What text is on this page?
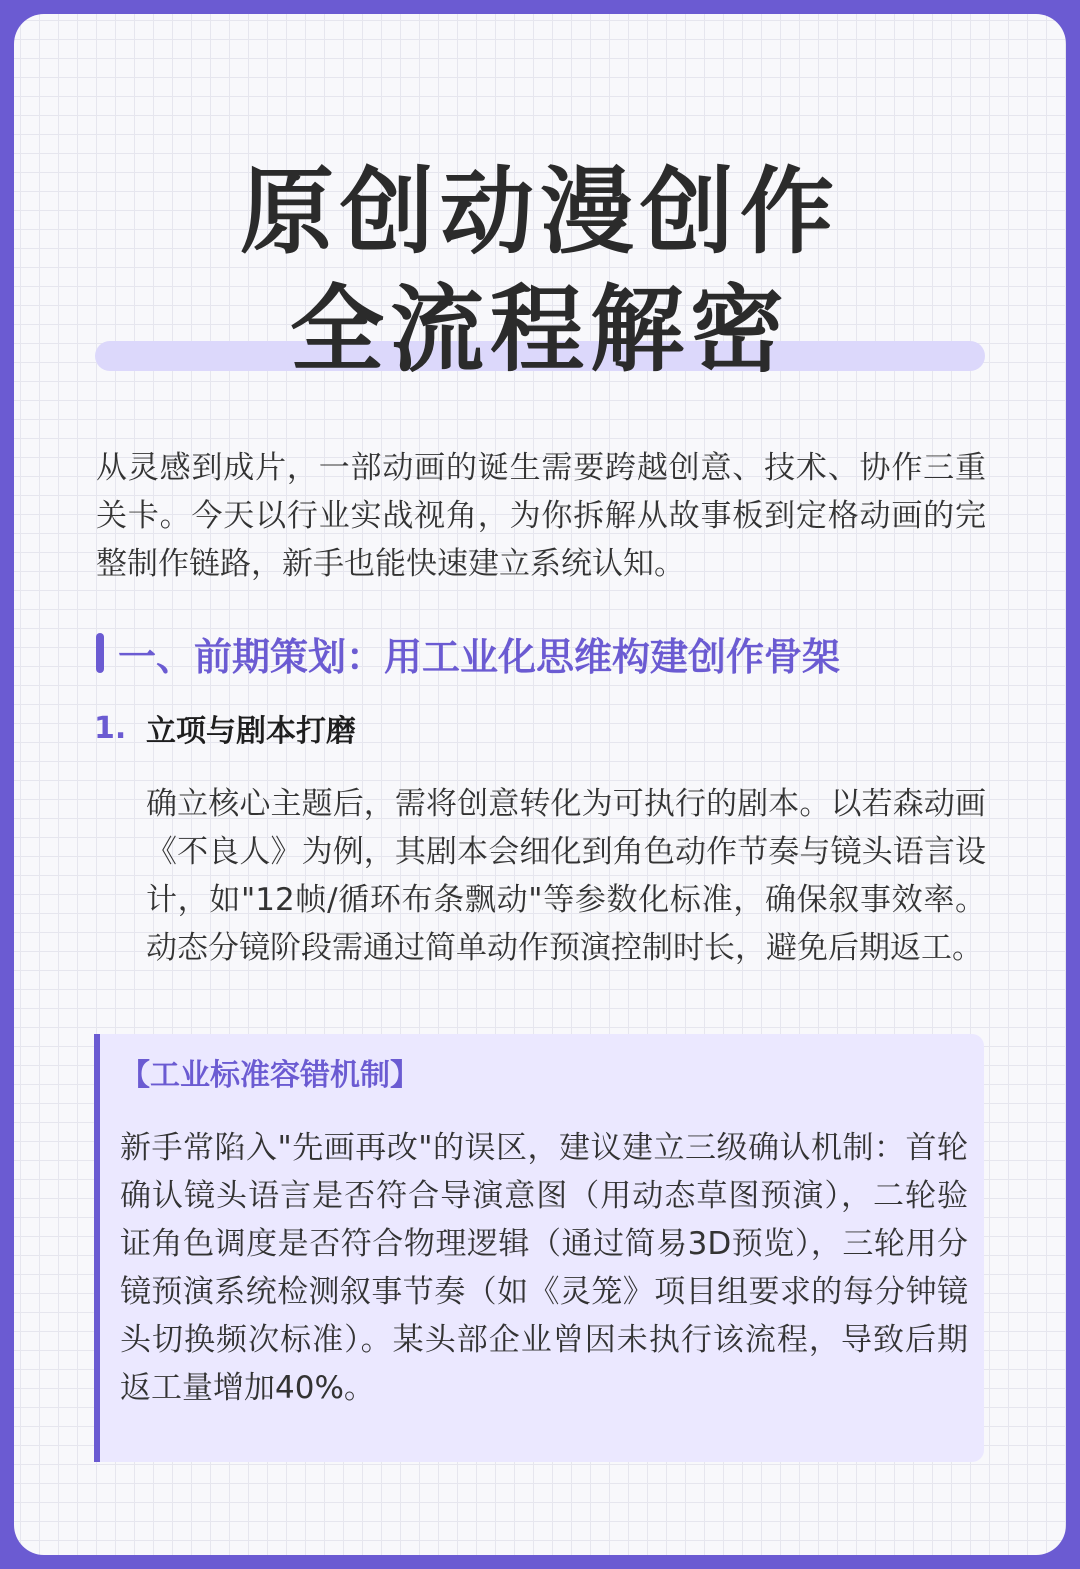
原创动漫创作
全流程解密
从灵感到成片，一部动画的诞生需要跨越创意、技术、协作三重关卡。今天以行业实战视角，为你拆解从故事板到定格动画的完整制作链路，新手也能快速建立系统认知。
一、前期策划：用工业化思维构建创作骨架
1. 立项与剧本打磨
确立核心主题后，需将创意转化为可执行的剧本。以若森动画《不良人》为例，其剧本会细化到角色动作节奏与镜头语言设计，如"12帧/循环布条飘动"等参数化标准，确保叙事效率。动态分镜阶段需通过简单动作预演控制时长，避免后期返工。
【工业标准容错机制】
新手常陷入"先画再改"的误区，建议建立三级确认机制：首轮确认镜头语言是否符合导演意图（用动态草图预演），二轮验证角色调度是否符合物理逻辑（通过简易3D预览），三轮用分镜预演系统检测叙事节奏（如《灵笼》项目组要求的每分钟镜头切换频次标准）。某头部企业曾因未执行该流程，导致后期返工量增加40%。
